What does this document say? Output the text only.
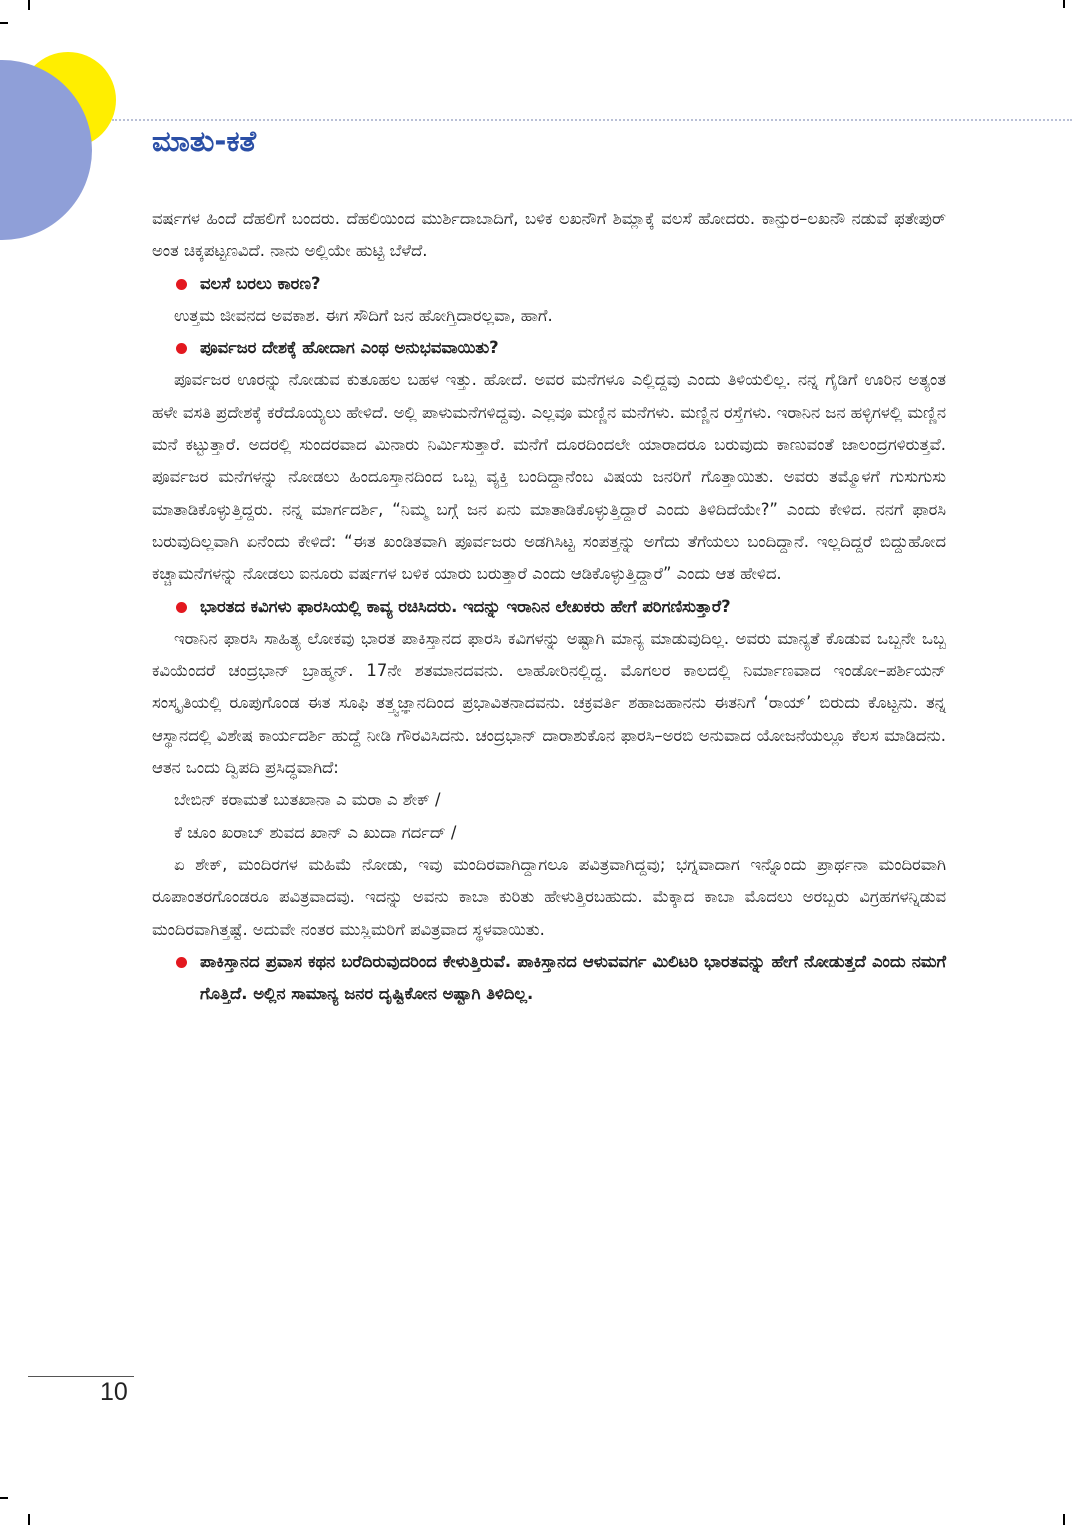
ಮಾತು-ಕತೆ

ವರ್ಷಗಳ ಹಿಂದೆ ದೆಹಲಿಗೆ ಬಂದರು. ದೆಹಲಿಯಿಂದ ಮುರ್ಶಿದಾಬಾದಿಗೆ, ಬಳಿಕ ಲಖನೌಗೆ ಶಿಮ್ಲಾಕ್ಕೆ ವಲಸೆ ಹೋದರು. ಕಾನ್ಪುರ–ಲಖನೌ ನಡುವೆ ಫತೇಪುರ್ ಅಂತ ಚಿಕ್ಕಪಟ್ಟಣವಿದೆ. ನಾನು ಅಲ್ಲಿಯೇ ಹುಟ್ಟಿ ಬೆಳೆದೆ.

ವಲಸೆ ಬರಲು ಕಾರಣ?

ಉತ್ತಮ ಜೀವನದ ಅವಕಾಶ. ಈಗ ಸೌದಿಗೆ ಜನ ಹೋಗ್ತಿದಾರಲ್ಲವಾ, ಹಾಗೆ.

ಪೂರ್ವಜರ ದೇಶಕ್ಕೆ ಹೋದಾಗ ಎಂಥ ಅನುಭವವಾಯಿತು?

ಪೂರ್ವಜರ ಊರನ್ನು ನೋಡುವ ಕುತೂಹಲ ಬಹಳ ಇತ್ತು. ಹೋದೆ. ಅವರ ಮನೆಗಳೂ ಎಲ್ಲಿದ್ದವು ಎಂದು ತಿಳಿಯಲಿಲ್ಲ. ನನ್ನ ಗೈಡಿಗೆ ಊರಿನ ಅತ್ಯಂತ ಹಳೇ ವಸತಿ ಪ್ರದೇಶಕ್ಕೆ ಕರೆದೊಯ್ಯಲು ಹೇಳಿದೆ. ಅಲ್ಲಿ ಪಾಳುಮನೆಗಳಿದ್ದವು. ಎಲ್ಲವೂ ಮಣ್ಣಿನ ಮನೆಗಳು. ಮಣ್ಣಿನ ರಸ್ತೆಗಳು. ಇರಾನಿನ ಜನ ಹಳ್ಳಿಗಳಲ್ಲಿ ಮಣ್ಣಿನ ಮನೆ ಕಟ್ಟುತ್ತಾರೆ. ಅದರಲ್ಲಿ ಸುಂದರವಾದ ಮಿನಾರು ನಿರ್ಮಿಸುತ್ತಾರೆ. ಮನೆಗೆ ದೂರದಿಂದಲೇ ಯಾರಾದರೂ ಬರುವುದು ಕಾಣುವಂತೆ ಜಾಲಂದ್ರಗಳಿರುತ್ತವೆ. ಪೂರ್ವಜರ ಮನೆಗಳನ್ನು ನೋಡಲು ಹಿಂದೂಸ್ತಾನದಿಂದ ಒಬ್ಬ ವ್ಯಕ್ತಿ ಬಂದಿದ್ದಾನೆಂಬ ವಿಷಯ ಜನರಿಗೆ ಗೊತ್ತಾಯಿತು. ಅವರು ತಮ್ಮೊಳಗೆ ಗುಸುಗುಸು ಮಾತಾಡಿಕೊಳ್ಳುತ್ತಿದ್ದರು. ನನ್ನ ಮಾರ್ಗದರ್ಶಿ, “ನಿಮ್ಮ ಬಗ್ಗೆ ಜನ ಏನು ಮಾತಾಡಿಕೊಳ್ಳುತ್ತಿದ್ದಾರೆ ಎಂದು ತಿಳಿದಿದೆಯೇ?” ಎಂದು ಕೇಳಿದ. ನನಗೆ ಫಾರಸಿ ಬರುವುದಿಲ್ಲವಾಗಿ ಏನೆಂದು ಕೇಳಿದೆ: “ಈತ ಖಂಡಿತವಾಗಿ ಪೂರ್ವಜರು ಅಡಗಿಸಿಟ್ಟ ಸಂಪತ್ತನ್ನು ಅಗೆದು ತೆಗೆಯಲು ಬಂದಿದ್ದಾನೆ. ಇಲ್ಲದಿದ್ದರೆ ಬಿದ್ದುಹೋದ ಕಚ್ಚಾಮನೆಗಳನ್ನು ನೋಡಲು ಐನೂರು ವರ್ಷಗಳ ಬಳಿಕ ಯಾರು ಬರುತ್ತಾರೆ ಎಂದು ಆಡಿಕೊಳ್ಳುತ್ತಿದ್ದಾರೆ” ಎಂದು ಆತ ಹೇಳಿದ.

ಭಾರತದ ಕವಿಗಳು ಫಾರಸಿಯಲ್ಲಿ ಕಾವ್ಯ ರಚಿಸಿದರು. ಇದನ್ನು ಇರಾನಿನ ಲೇಖಕರು ಹೇಗೆ ಪರಿಗಣಿಸುತ್ತಾರೆ?

ಇರಾನಿನ ಫಾರಸಿ ಸಾಹಿತ್ಯ ಲೋಕವು ಭಾರತ ಪಾಕಿಸ್ತಾನದ ಫಾರಸಿ ಕವಿಗಳನ್ನು ಅಷ್ಟಾಗಿ ಮಾನ್ಯ ಮಾಡುವುದಿಲ್ಲ. ಅವರು ಮಾನ್ಯತೆ ಕೊಡುವ ಒಬ್ಬನೇ ಒಬ್ಬ ಕವಿಯೆಂದರೆ ಚಂದ್ರಭಾನ್ ಬ್ರಾಹ್ಮನ್. 17ನೇ ಶತಮಾನದವನು. ಲಾಹೋರಿನಲ್ಲಿದ್ದ. ಮೊಗಲರ ಕಾಲದಲ್ಲಿ ನಿರ್ಮಾಣವಾದ ಇಂಡೋ–ಪರ್ಶಿಯನ್ ಸಂಸ್ಕೃತಿಯಲ್ಲಿ ರೂಪುಗೊಂಡ ಈತ ಸೂಫಿ ತತ್ತ್ವಜ್ಞಾನದಿಂದ ಪ್ರಭಾವಿತನಾದವನು. ಚಕ್ರವರ್ತಿ ಶಹಾಜಹಾನನು ಈತನಿಗೆ ‘ರಾಯ್’ ಬಿರುದು ಕೊಟ್ಟನು. ತನ್ನ ಆಸ್ಥಾನದಲ್ಲಿ ವಿಶೇಷ ಕಾರ್ಯದರ್ಶಿ ಹುದ್ದೆ ನೀಡಿ ಗೌರವಿಸಿದನು. ಚಂದ್ರಭಾನ್ ದಾರಾಶುಕೊನ ಫಾರಸಿ–ಅರಬಿ ಅನುವಾದ ಯೋಜನೆಯಲ್ಲೂ ಕೆಲಸ ಮಾಡಿದನು. ಆತನ ಒಂದು ದ್ವಿಪದಿ ಪ್ರಸಿದ್ಧವಾಗಿದೆ:

ಬೇಬಿನ್ ಕರಾಮತೆ ಬುತಖಾನಾ ಎ ಮರಾ ಎ ಶೇಕ್ /

ಕೆ ಚೂಂ ಖರಾಬ್ ಶುವದ ಖಾನ್ ಎ ಖುದಾ ಗರ್ದದ್ /

ಏ ಶೇಕ್, ಮಂದಿರಗಳ ಮಹಿಮೆ ನೋಡು, ಇವು ಮಂದಿರವಾಗಿದ್ದಾಗಲೂ ಪವಿತ್ರವಾಗಿದ್ದವು; ಭಗ್ನವಾದಾಗ ಇನ್ನೊಂದು ಪ್ರಾರ್ಥನಾ ಮಂದಿರವಾಗಿ ರೂಪಾಂತರಗೊಂಡರೂ ಪವಿತ್ರವಾದವು. ಇದನ್ನು ಅವನು ಕಾಬಾ ಕುರಿತು ಹೇಳುತ್ತಿರಬಹುದು. ಮೆಕ್ಕಾದ ಕಾಬಾ ಮೊದಲು ಅರಬ್ಬರು ವಿಗ್ರಹಗಳನ್ನಿಡುವ ಮಂದಿರವಾಗಿತ್ತಷ್ಟೆ. ಅದುವೇ ನಂತರ ಮುಸ್ಲಿಮರಿಗೆ ಪವಿತ್ರವಾದ ಸ್ಥಳವಾಯಿತು.

ಪಾಕಿಸ್ತಾನದ ಪ್ರವಾಸ ಕಥನ ಬರೆದಿರುವುದರಿಂದ ಕೇಳುತ್ತಿರುವೆ. ಪಾಕಿಸ್ತಾನದ ಆಳುವವರ್ಗ ಮಿಲಿಟರಿ ಭಾರತವನ್ನು ಹೇಗೆ ನೋಡುತ್ತದೆ ಎಂದು ನಮಗೆ ಗೊತ್ತಿದೆ. ಅಲ್ಲಿನ ಸಾಮಾನ್ಯ ಜನರ ದೃಷ್ಟಿಕೋನ ಅಷ್ಟಾಗಿ ತಿಳಿದಿಲ್ಲ.

10
